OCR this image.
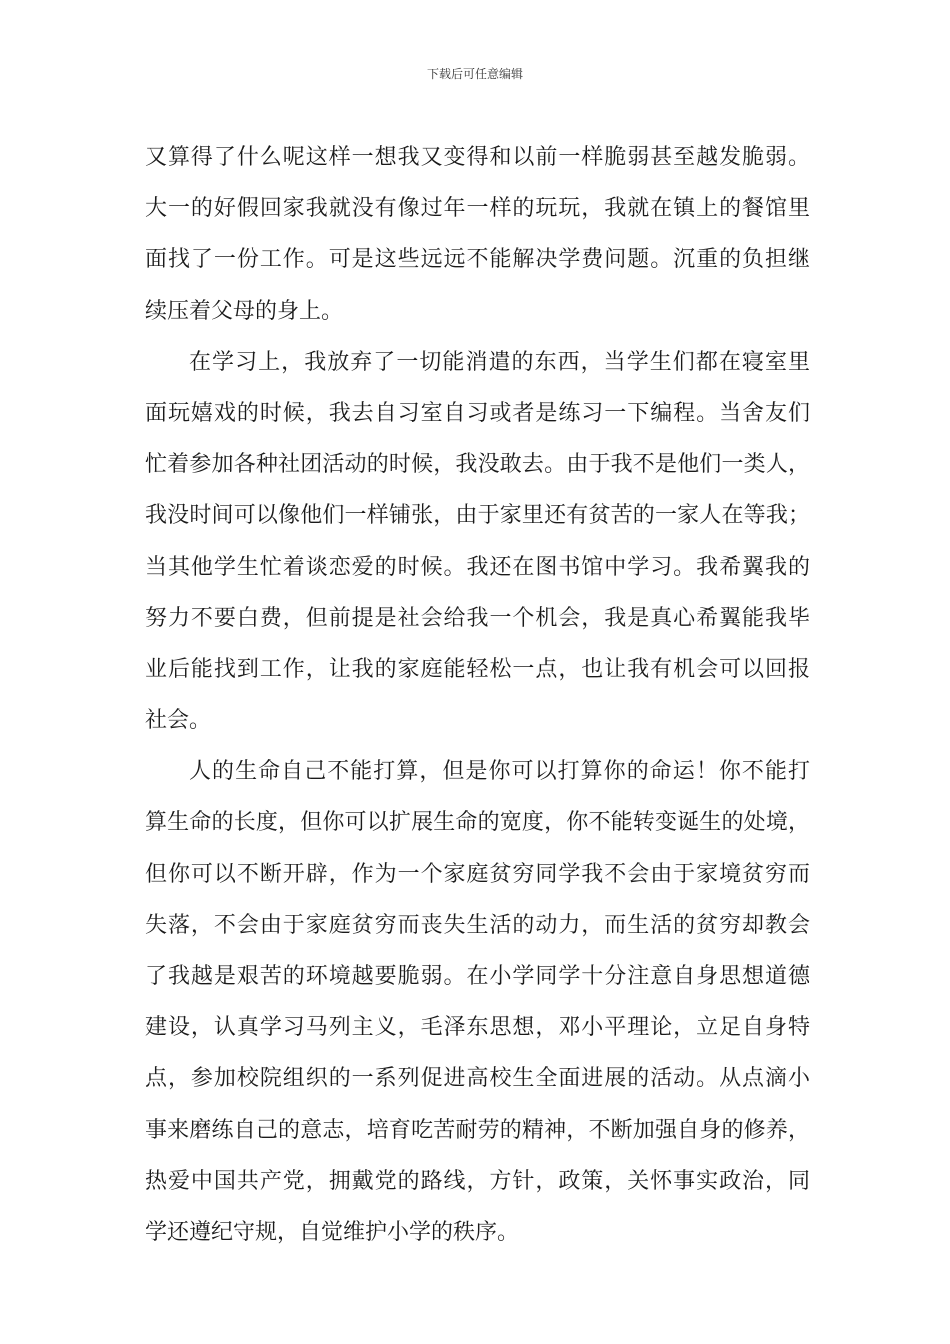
下载后可任意编辑
又算得了什么呢这样一想我又变得和以前一样脆弱甚至越发脆弱。
大一的好假回家我就没有像过年一样的玩玩，我就在镇上的餐馆里
面找了一份工作。可是这些远远不能解决学费问题。沉重的负担继
续压着父母的身上。
在学习上，我放弃了一切能消遣的东西，当学生们都在寝室里
面玩嬉戏的时候，我去自习室自习或者是练习一下编程。当舍友们
忙着参加各种社团活动的时候，我没敢去。由于我不是他们一类人，
我没时间可以像他们一样铺张，由于家里还有贫苦的一家人在等我；
当其他学生忙着谈恋爱的时候。我还在图书馆中学习。我希翼我的
努力不要白费，但前提是社会给我一个机会，我是真心希翼能我毕
业后能找到工作，让我的家庭能轻松一点，也让我有机会可以回报
社会。
人的生命自己不能打算，但是你可以打算你的命运！你不能打
算生命的长度，但你可以扩展生命的宽度，你不能转变诞生的处境，
但你可以不断开辟，作为一个家庭贫穷同学我不会由于家境贫穷而
失落，不会由于家庭贫穷而丧失生活的动力，而生活的贫穷却教会
了我越是艰苦的环境越要脆弱。在小学同学十分注意自身思想道德
建设，认真学习马列主义，毛泽东思想，邓小平理论，立足自身特
点，参加校院组织的一系列促进高校生全面进展的活动。从点滴小
事来磨练自己的意志，培育吃苦耐劳的精神，不断加强自身的修养，
热爱中国共产党，拥戴党的路线，方针，政策，关怀事实政治，同
学还遵纪守规，自觉维护小学的秩序。
